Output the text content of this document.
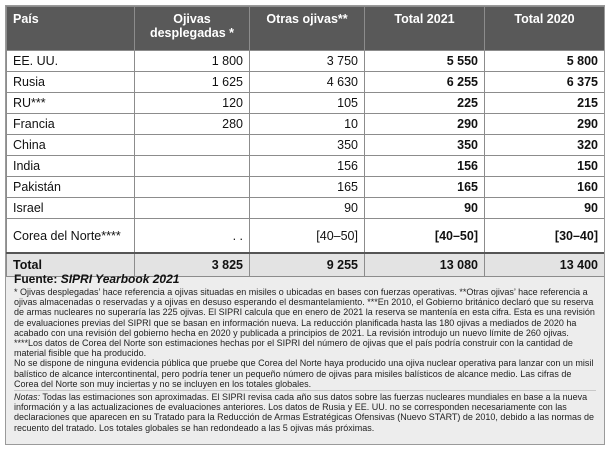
País	Ojivas desplegadas *	Otras ojivas**	Total 2021	Total 2020
EE. UU.	1 800	3 750	5 550	5 800
Rusia	1 625	4 630	6 255	6 375
RU***	120	105	225	215
Francia	280	10	290	290
China		350	350	320
India		156	156	150
Pakistán		165	165	160
Israel		90	90	90
Corea del Norte****	. .	[40–50]	[40–50]	[30–40]
Total	3 825	9 255	13 080	13 400

Fuente: SIPRI Yearbook 2021

* Ojivas desplegadas’ hace referencia a ojivas situadas en misiles o ubicadas en bases con fuerzas operativas. **Otras ojivas’ hace referencia a ojivas almacenadas o reservadas y a ojivas en desuso esperando el desmantelamiento. ***En 2010, el Gobierno británico declaró que su reserva de armas nucleares no superaría las 225 ojivas. El SIPRI calcula que en enero de 2021 la reserva se mantenía en esta cifra. Esta es una revisión de evaluaciones previas del SIPRI que se basan en información nueva. La reducción planificada hasta las 180 ojivas a mediados de 2020 ha acabado con una revisión del gobierno hecha en 2020 y publicada a principios de 2021. La revisión introdujo un nuevo límite de 260 ojivas. ****Los datos de Corea del Norte son estimaciones hechas por el SIPRI del número de ojivas que el país podría construir con la cantidad de material fisible que ha producido.

No se dispone de ninguna evidencia pública que pruebe que Corea del Norte haya producido una ojiva nuclear operativa para lanzar con un misil balístico de alcance intercontinental, pero podría tener un pequeño número de ojivas para misiles balísticos de alcance medio. Las cifras de Corea del Norte son muy inciertas y no se incluyen en los totales globales.

Notas: Todas las estimaciones son aproximadas. El SIPRI revisa cada año sus datos sobre las fuerzas nucleares mundiales en base a la nueva información y a las actualizaciones de evaluaciones anteriores. Los datos de Rusia y EE. UU. no se corresponden necesariamente con las declaraciones que aparecen en su Tratado para la Reducción de Armas Estratégicas Ofensivas (Nuevo START) de 2010, debido a las normas de recuento del tratado. Los totales globales se han redondeado a las 5 ojivas más próximas.
